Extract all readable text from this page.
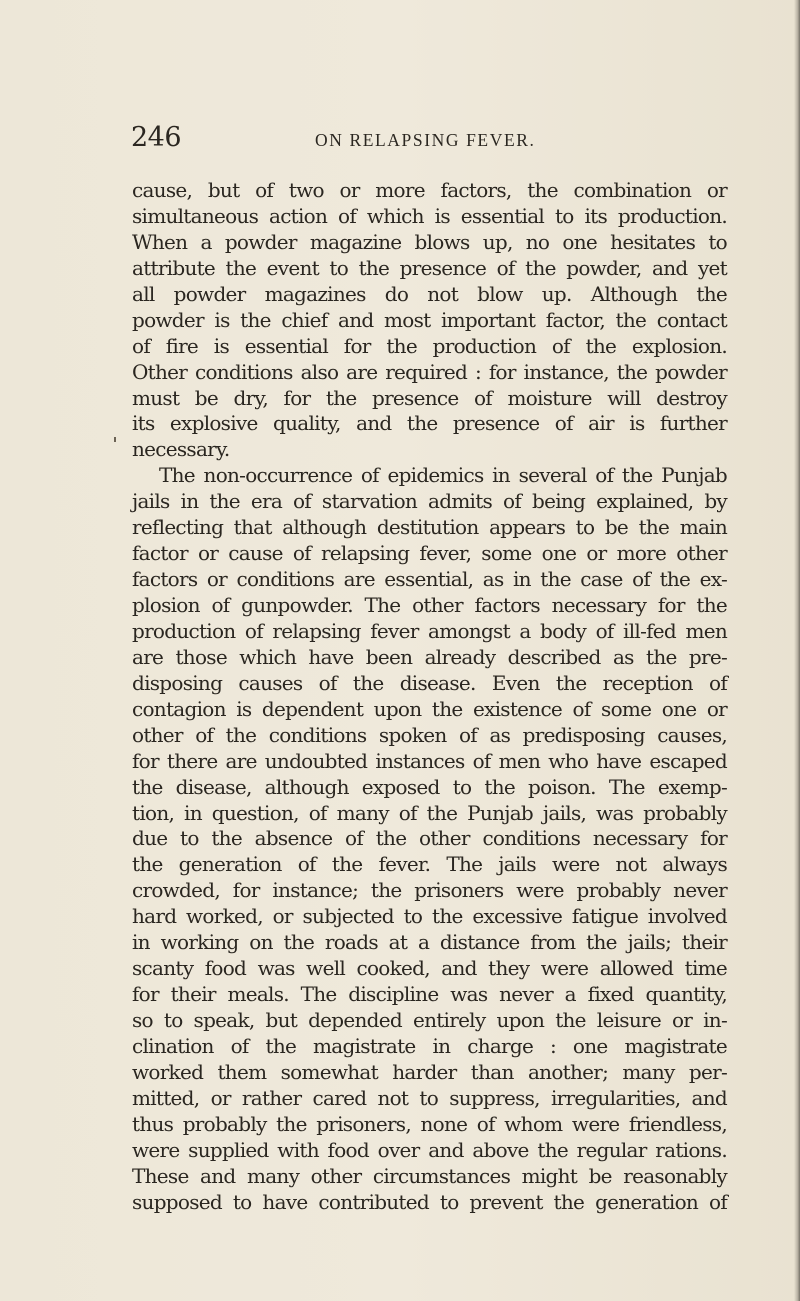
246	ON RELAPSING FEVER.
cause, but of two or more factors, the combination or
simultaneous action of which is essential to its production.
When a powder magazine blows up, no one hesitates to
attribute the event to the presence of the powder, and yet
all powder magazines do not blow up. Although the
powder is the chief and most important factor, the contact
of fire is essential for the production of the explosion.
Other conditions also are required : for instance, the powder
must be dry, for the presence of moisture will destroy
its explosive quality, and the presence of air is further
necessary.
The non-occurrence of epidemics in several of the Punjab
jails in the era of starvation admits of being explained, by
reflecting that although destitution appears to be the main
factor or cause of relapsing fever, some one or more other
factors or conditions are essential, as in the case of the ex-
plosion of gunpowder. The other factors necessary for the
production of relapsing fever amongst a body of ill-fed men
are those which have been already described as the pre-
disposing causes of the disease. Even the reception of
contagion is dependent upon the existence of some one or
other of the conditions spoken of as predisposing causes,
for there are undoubted instances of men who have escaped
the disease, although exposed to the poison. The exemp-
tion, in question, of many of the Punjab jails, was probably
due to the absence of the other conditions necessary for
the generation of the fever. The jails were not always
crowded, for instance; the prisoners were probably never
hard worked, or subjected to the excessive fatigue involved
in working on the roads at a distance from the jails; their
scanty food was well cooked, and they were allowed time
for their meals. The discipline was never a fixed quantity,
so to speak, but depended entirely upon the leisure or in-
clination of the magistrate in charge : one magistrate
worked them somewhat harder than another; many per-
mitted, or rather cared not to suppress, irregularities, and
thus probably the prisoners, none of whom were friendless,
were supplied with food over and above the regular rations.
These and many other circumstances might be reasonably
supposed to have contributed to prevent the generation of
